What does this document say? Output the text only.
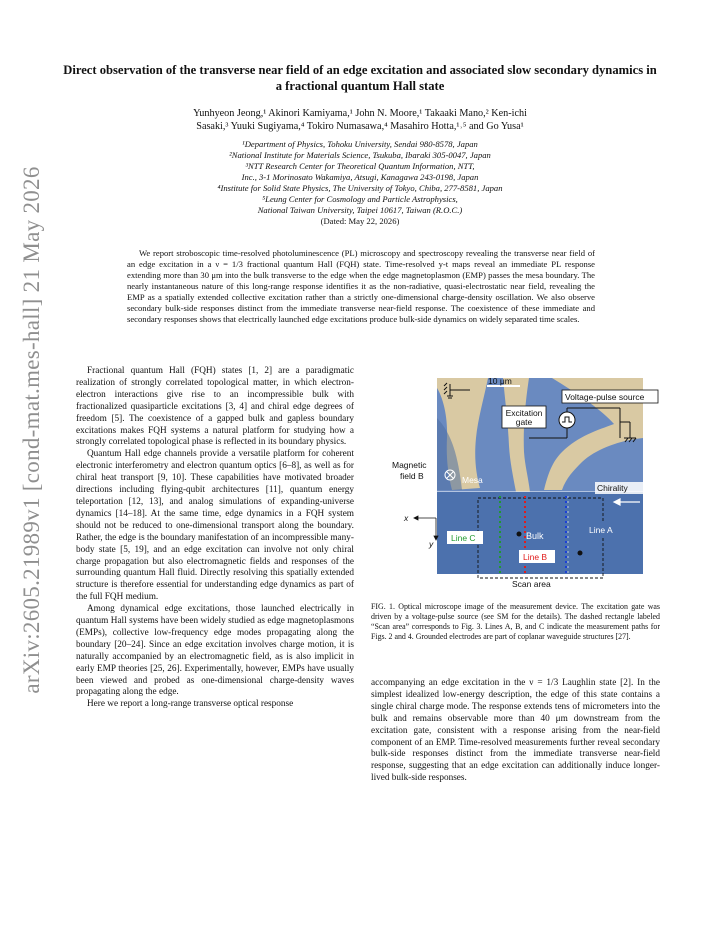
arXiv:2605.21989v1 [cond-mat.mes-hall] 21 May 2026
Direct observation of the transverse near field of an edge excitation and associated slow secondary dynamics in a fractional quantum Hall state
Yunhyeon Jeong,¹ Akinori Kamiyama,¹ John N. Moore,¹ Takaaki Mano,² Ken-ichi
Sasaki,³ Yuuki Sugiyama,⁴ Tokiro Numasawa,⁴ Masahiro Hotta,¹˒⁵ and Go Yusa¹
¹Department of Physics, Tohoku University, Sendai 980-8578, Japan
²National Institute for Materials Science, Tsukuba, Ibaraki 305-0047, Japan
³NTT Research Center for Theoretical Quantum Information, NTT,
Inc., 3-1 Morinosato Wakamiya, Atsugi, Kanagawa 243-0198, Japan
⁴Institute for Solid State Physics, The University of Tokyo, Chiba, 277-8581, Japan
⁵Leung Center for Cosmology and Particle Astrophysics,
National Taiwan University, Taipei 10617, Taiwan (R.O.C.)
(Dated: May 22, 2026)
We report stroboscopic time-resolved photoluminescence (PL) microscopy and spectroscopy revealing the transverse near field of an edge excitation in a ν = 1/3 fractional quantum Hall (FQH) state. Time-resolved y-t maps reveal an immediate PL response extending more than 30 μm into the bulk transverse to the edge when the edge magnetoplasmon (EMP) passes the mesa boundary. The nearly instantaneous nature of this long-range response identifies it as the non-radiative, quasi-electrostatic near field, revealing the EMP as a spatially extended collective excitation rather than a strictly one-dimensional charge-density oscillation. We also observe secondary bulk-side responses distinct from the immediate transverse near-field response. The coexistence of these immediate and secondary responses shows that electrically launched edge excitations produce bulk-side dynamics on widely separated time scales.

Fractional quantum Hall (FQH) states [1, 2] are a paradigmatic realization of strongly correlated topological matter, in which electron-electron interactions give rise to an incompressible bulk with fractionalized quasiparticle excitations [3, 4] and chiral edge degrees of freedom [5]. The coexistence of a gapped bulk and gapless boundary excitations makes FQH systems a natural platform for studying how a strongly correlated topological phase is reflected in its boundary physics.

Quantum Hall edge channels provide a versatile platform for coherent electronic interferometry and electron quantum optics [6–8], as well as for chiral heat transport [9, 10]. These capabilities have motivated broader directions including flying-qubit architectures [11], quantum energy teleportation [12, 13], and analog simulations of expanding-universe dynamics [14–18]. At the same time, edge dynamics in a FQH system should not be reduced to one-dimensional transport along the boundary. Rather, the edge is the boundary manifestation of an incompressible many-body state [5, 19], and an edge excitation can involve not only chiral charge propagation but also electromagnetic fields and responses of the surrounding quantum Hall fluid. Directly resolving this spatially extended structure is therefore essential for understanding edge dynamics as part of the full FQH medium.

Among dynamical edge excitations, those launched electrically in quantum Hall systems have been widely studied as edge magnetoplasmons (EMPs), collective low-frequency edge modes propagating along the boundary [20–24]. Since an edge excitation involves charge motion, it is naturally accompanied by an electromagnetic field, as is also implicit in early EMP theories [25, 26]. Experimentally, however, EMPs have usually been viewed and probed as one-dimensional charge-density waves propagating along the edge.

Here we report a long-range transverse optical response

10 μm
Voltage-pulse source
Excitation
gate
Magnetic
field B	Mesa
Chirality
x
y
Scan area
Bulk
Line C
Line B
Line A

FIG. 1. Optical microscope image of the measurement device. The excitation gate was driven by a voltage-pulse source (see SM for the details). The dashed rectangle labeled “Scan area” corresponds to Fig. 3. Lines A, B, and C indicate the measurement paths for Figs. 2 and 4. Grounded electrodes are part of coplanar waveguide structures [27].

accompanying an edge excitation in the ν = 1/3 Laughlin state [2]. In the simplest idealized low-energy description, the edge of this state contains a single chiral charge mode. The response extends tens of micrometers into the bulk and remains observable more than 40 μm downstream from the excitation gate, consistent with a response arising from the near-field component of an EMP. Time-resolved measurements further reveal secondary bulk-side responses distinct from the immediate transverse near-field response, suggesting that an edge excitation can additionally induce longer-lived bulk-side responses.
